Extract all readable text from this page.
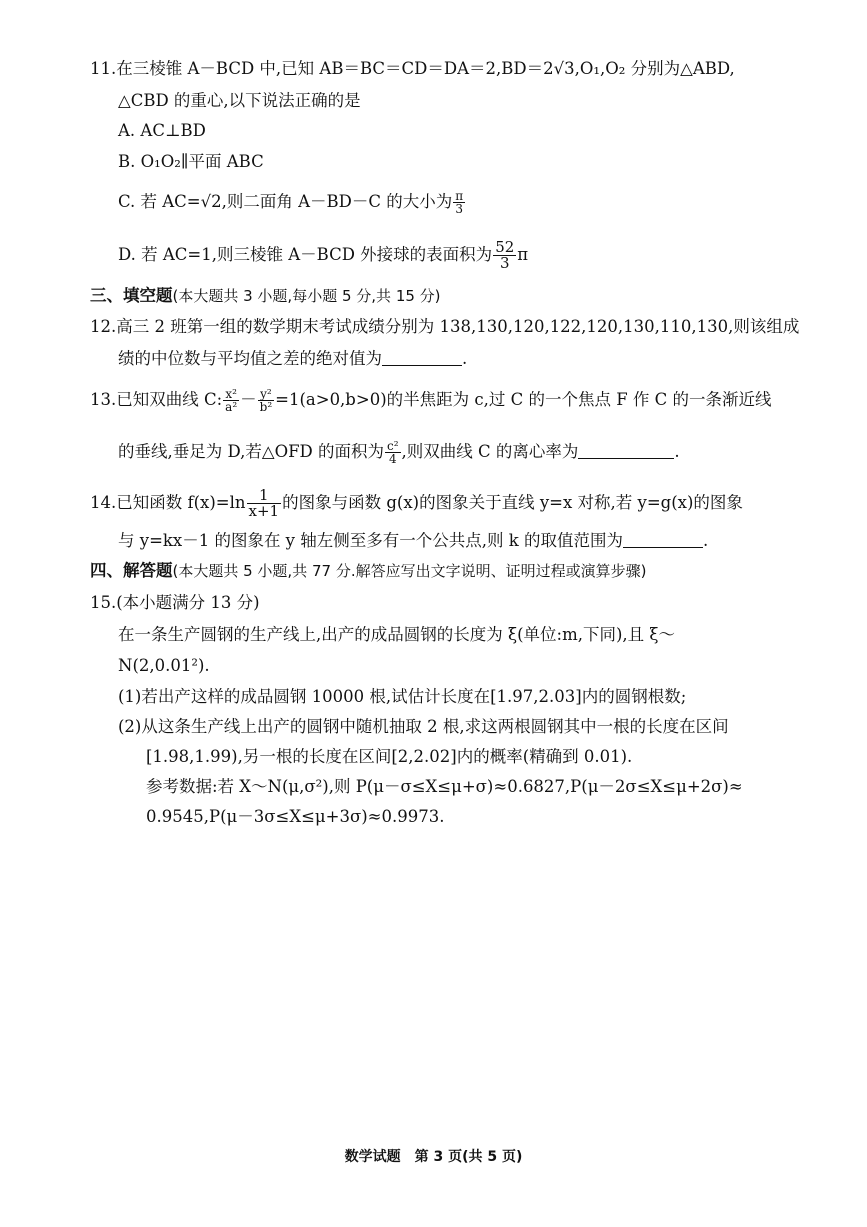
11.在三棱锥 A－BCD 中,已知 AB＝BC＝CD＝DA＝2,BD＝2√3,O₁,O₂ 分别为△ABD,
△CBD 的重心,以下说法正确的是
A. AC⊥BD
B. O₁O₂∥平面 ABC
C. 若 AC=√2,则二面角 A－BD－C 的大小为 $\frac{\pi}{3}$
D. 若 AC=1,则三棱锥 A－BCD 外接球的表面积为 $\frac{52}{3}$ π
三、填空题(本大题共 3 小题,每小题 5 分,共 15 分)
12.高三 2 班第一组的数学期末考试成绩分别为 138,130,120,122,120,130,110,130,则该组成
绩的中位数与平均值之差的绝对值为	.
13.已知双曲线 C: $\frac{\text{x²}}{\text{a²}} - \frac{\text{y²}}{\text{b²}} =1(a>0,b>0)$的半焦距为 c,过 C 的一个焦点 F 作 C 的一条渐近线
的垂线,垂足为 D,若△OFD 的面积为 $\frac{\text{c²}}{4}$ ,则双曲线 C 的离心率为	.
14.已知函数 $f(x)=\ln \frac{1}{x+1}$ 的图象与函数 g(x)的图象关于直线 y=x 对称,若 y=g(x)的图象
与 y=kx－1 的图象在 y 轴左侧至多有一个公共点,则 k 的取值范围为	.
四、解答题(本大题共 5 小题,共 77 分.解答应写出文字说明、证明过程或演算步骤)
15.(本小题满分 13 分)
在一条生产圆钢的生产线上,出产的成品圆钢的长度为 ξ(单位:m,下同),且 ξ～
N(2,0.01²).
(1)若出产这样的成品圆钢 10000 根,试估计长度在[1.97,2.03]内的圆钢根数;
(2)从这条生产线上出产的圆钢中随机抽取 2 根,求这两根圆钢其中一根的长度在区间
[1.98,1.99),另一根的长度在区间[2,2.02]内的概率(精确到 0.01).
参考数据:若 X～N(μ,σ²),则 P(μ－σ≤X≤μ+σ)≈0.6827,P(μ－2σ≤X≤μ+2σ)≈
0.9545,P(μ－3σ≤X≤μ+3σ)≈0.9973.
数学试题　第 3 页(共 5 页)
